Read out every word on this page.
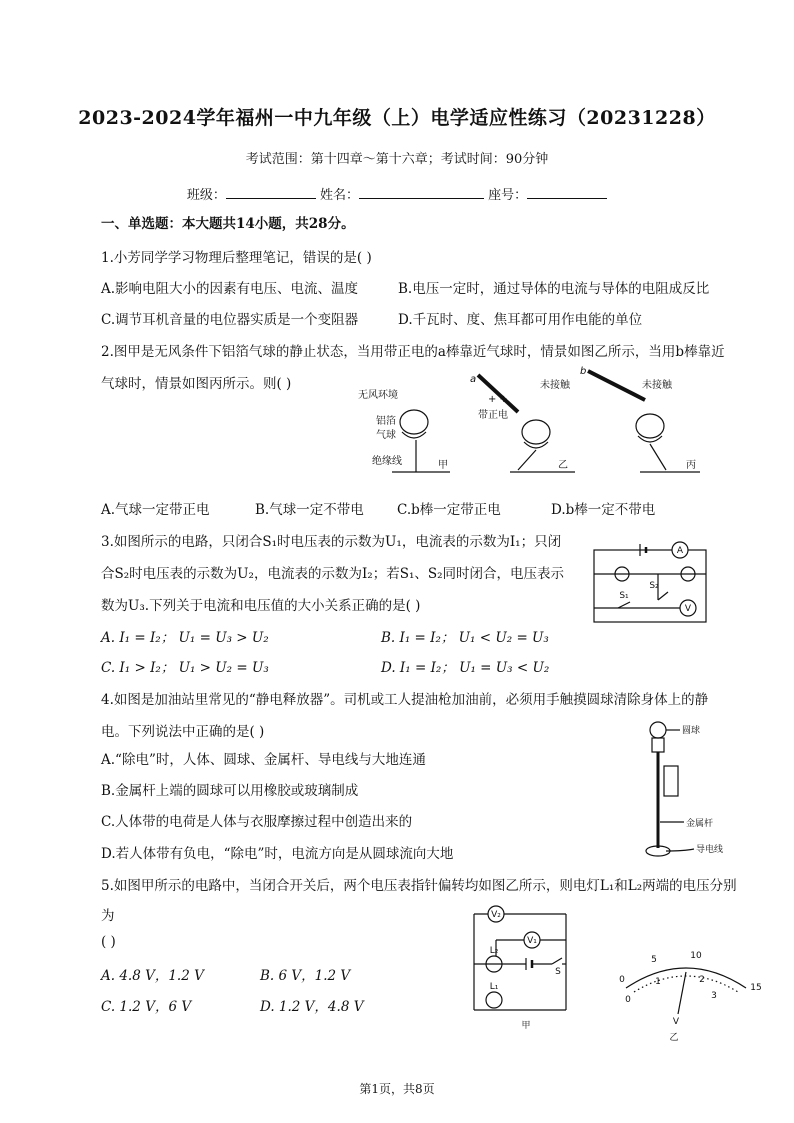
2023-2024学年福州一中九年级（上）电学适应性练习（20231228）
考试范围：第十四章～第十六章；考试时间：90分钟
班级：	姓名：	座号：
一、单选题：本大题共14小题，共28分。
1.小芳同学学习物理后整理笔记，错误的是( )
A.影响电阻大小的因素有电压、电流、温度	B.电压一定时，通过导体的电流与导体的电阻成反比
C.调节耳机音量的电位器实质是一个变阻器	D.千瓦时、度、焦耳都可用作电能的单位
2.图甲是无风条件下铝箔气球的静止状态，当用带正电的a棒靠近气球时，情景如图乙所示，当用b棒靠近
气球时，情景如图丙所示。则( )
无风环境
铝箔
气球
绝缘线	甲
a
+ +
带正电
未接触
乙
b
未接触
丙
A.气球一定带正电	B.气球一定不带电 C.b棒一定带正电	D.b棒一定不带电
3.如图所示的电路，只闭合S₁时电压表的示数为U₁，电流表的示数为I₁；只闭
合S₂时电压表的示数为U₂，电流表的示数为I₂；若S₁、S₂同时闭合，电压表示
数为U₃.下列关于电流和电压值的大小关系正确的是( )
A
V
S₁
S₂
A. I₁ = I₂； U₁ = U₃ > U₂	B. I₁ = I₂； U₁ < U₂ = U₃
C. I₁ > I₂； U₁ > U₂ = U₃	D. I₁ = I₂； U₁ = U₃ < U₂
4.如图是加油站里常见的“静电释放器”。司机或工人提油枪加油前，必须用手触摸圆球清除身体上的静
电。下列说法中正确的是( )
A.“除电”时，人体、圆球、金属杆、导电线与大地连通
B.金属杆上端的圆球可以用橡胶或玻璃制成
C.人体带的电荷是人体与衣服摩擦过程中创造出来的
D.若人体带有负电，“除电”时，电流方向是从圆球流向大地
圆球
金属杆
导电线
5.如图甲所示的电路中，当闭合开关后，两个电压表指针偏转均如图乙所示，则电灯L₁和L₂两端的电压分别
为
( )
A. 4.8 V，1.2 V	B. 6 V，1.2 V
C. 1.2 V，6 V	D. 1.2 V，4.8 V
V₂
V₁
L₂
L₁
S
甲
5	10
15
0
0
1	2
3
V
乙
第1页，共8页
